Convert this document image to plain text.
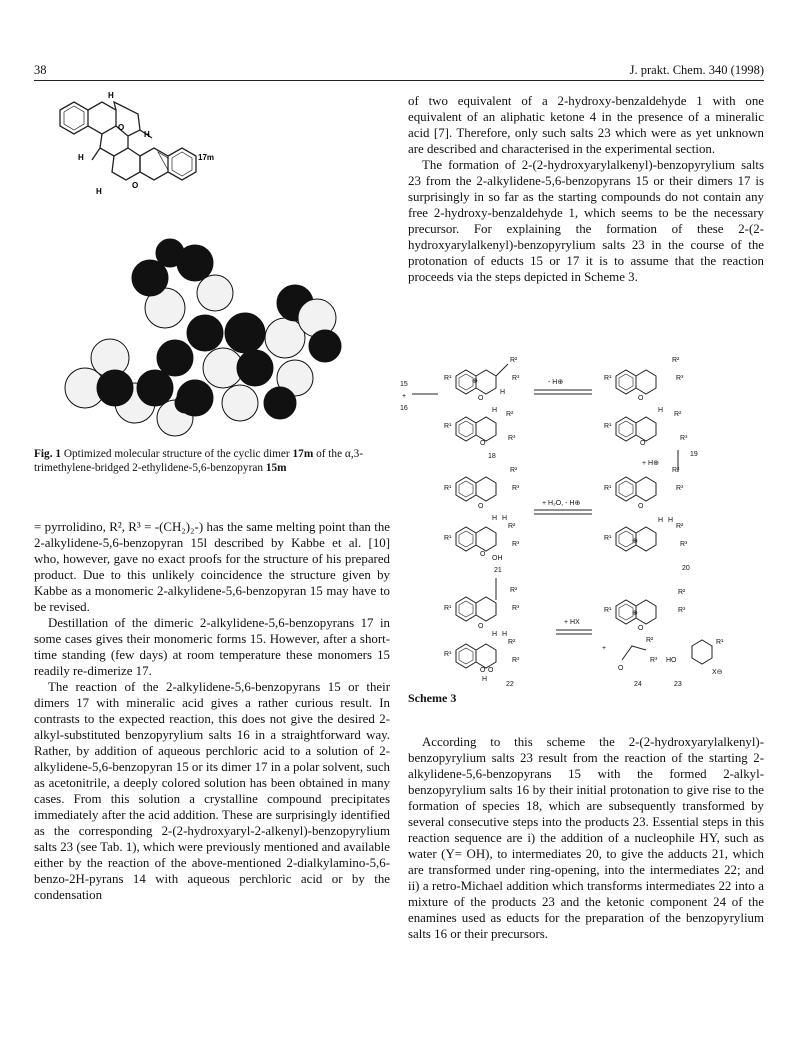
38	J. prakt. Chem. 340 (1998)
H
O
H
H
O
H
17m
Fig. 1 Optimized molecular structure of the cyclic dimer 17m of the α,3-trimethylene-bridged 2-ethylidene-5,6-benzopyran 15m

= pyrrolidino, R², R³ = -(CH₂)₂-) has the same melting point than the 2-alkylidene-5,6-benzopyran 15l described by Kabbe et al. [10] who, however, gave no exact proofs for the structure of his prepared product. Due to this unlikely coincidence the structure given by Kabbe as a monomeric 2-alkylidene-5,6-benzopyran 15 may have to be revised.

Destillation of the dimeric 2-alkylidene-5,6-benzopyrans 17 in some cases gives their monomeric forms 15. However, after a short-time standing (few days) at room temperature these monomers 15 readily re-dimerize 17.

The reaction of the 2-alkylidene-5,6-benzopyrans 15 or their dimers 17 with mineralic acid gives a rather curious result. In contrasts to the expected reaction, this does not give the desired 2-alkyl-substituted benzopyrylium salts 16 in a straightforward way. Rather, by addition of aqueous perchloric acid to a solution of 2-alkylidene-5,6-benzopyran 15 or its dimer 17 in a polar solvent, such as acetonitrile, a deeply colored solution has been obtained in many cases. From this solution a crystalline compound precipitates immediately after the acid addition. These are surprisingly identified as the corresponding 2-(2-hydroxyaryl-2-alkenyl)-benzopyrylium salts 23 (see Tab. 1), which were previously mentioned and available either by the reaction of the above-mentioned 2-dialkylamino-5,6-benzo-2H-pyrans 14 with aqueous perchloric acid or by the condensation

of two equivalent of a 2-hydroxy-benzaldehyde 1 with one equivalent of an aliphatic ketone 4 in the presence of a mineralic acid [7]. Therefore, only such salts 23 which were as yet unknown are described and characterised in the experimental section.

The formation of 2-(2-hydroxyarylalkenyl)-benzopyrylium salts 23 from the 2-alkylidene-5,6-benzopyrans 15 or their dimers 17 is surprisingly in so far as the starting compounds do not contain any free 2-hydroxy-benzaldehyde 1, which seems to be the necessary precursor. For explaining the formation of these 2-(2-hydroxyarylalkenyl)-benzopyrylium salts 23 in the course of the protonation of educts 15 or 17 it is to assume that the reaction proceeds via the steps depicted in Scheme 3.

15
+
16
R¹
O
⊕
R²
R³
H
R¹
H
R²
O
R³
18
- H⊕
R¹
O
R²
R³
R¹
H
R²
O
R³
19
+ H⊕
R¹
O
R²
R³
R¹
H H
R²
O
R³
OH
21
+ H₂O, - H⊕
R¹
O
R²
R³
R¹
H H
R²
⊕	R³
20
R¹
O
R²
R³
R¹
H H
R²
R³
O O
H
22
+ HX
R¹
O
⊕
R²
R³
+
O
R²
R³ HO
R¹
X⊖
24	23
Scheme 3

According to this scheme the 2-(2-hydroxyarylalkenyl)-benzopyrylium salts 23 result from the reaction of the starting 2-alkylidene-5,6-benzopyrans 15 with the formed 2-alkyl-benzopyrylium salts 16 by their initial protonation to give rise to the formation of species 18, which are subsequently transformed by several consecutive steps into the products 23. Essential steps in this reaction sequence are i) the addition of a nucleophile HY, such as water (Y= OH), to intermediates 20, to give the adducts 21, which are transformed under ring-opening, into the intermediates 22; and ii) a retro-Michael addition which transforms intermediates 22 into a mixture of the products 23 and the ketonic component 24 of the enamines used as educts for the preparation of the benzopyrylium salts 16 or their precursors.
